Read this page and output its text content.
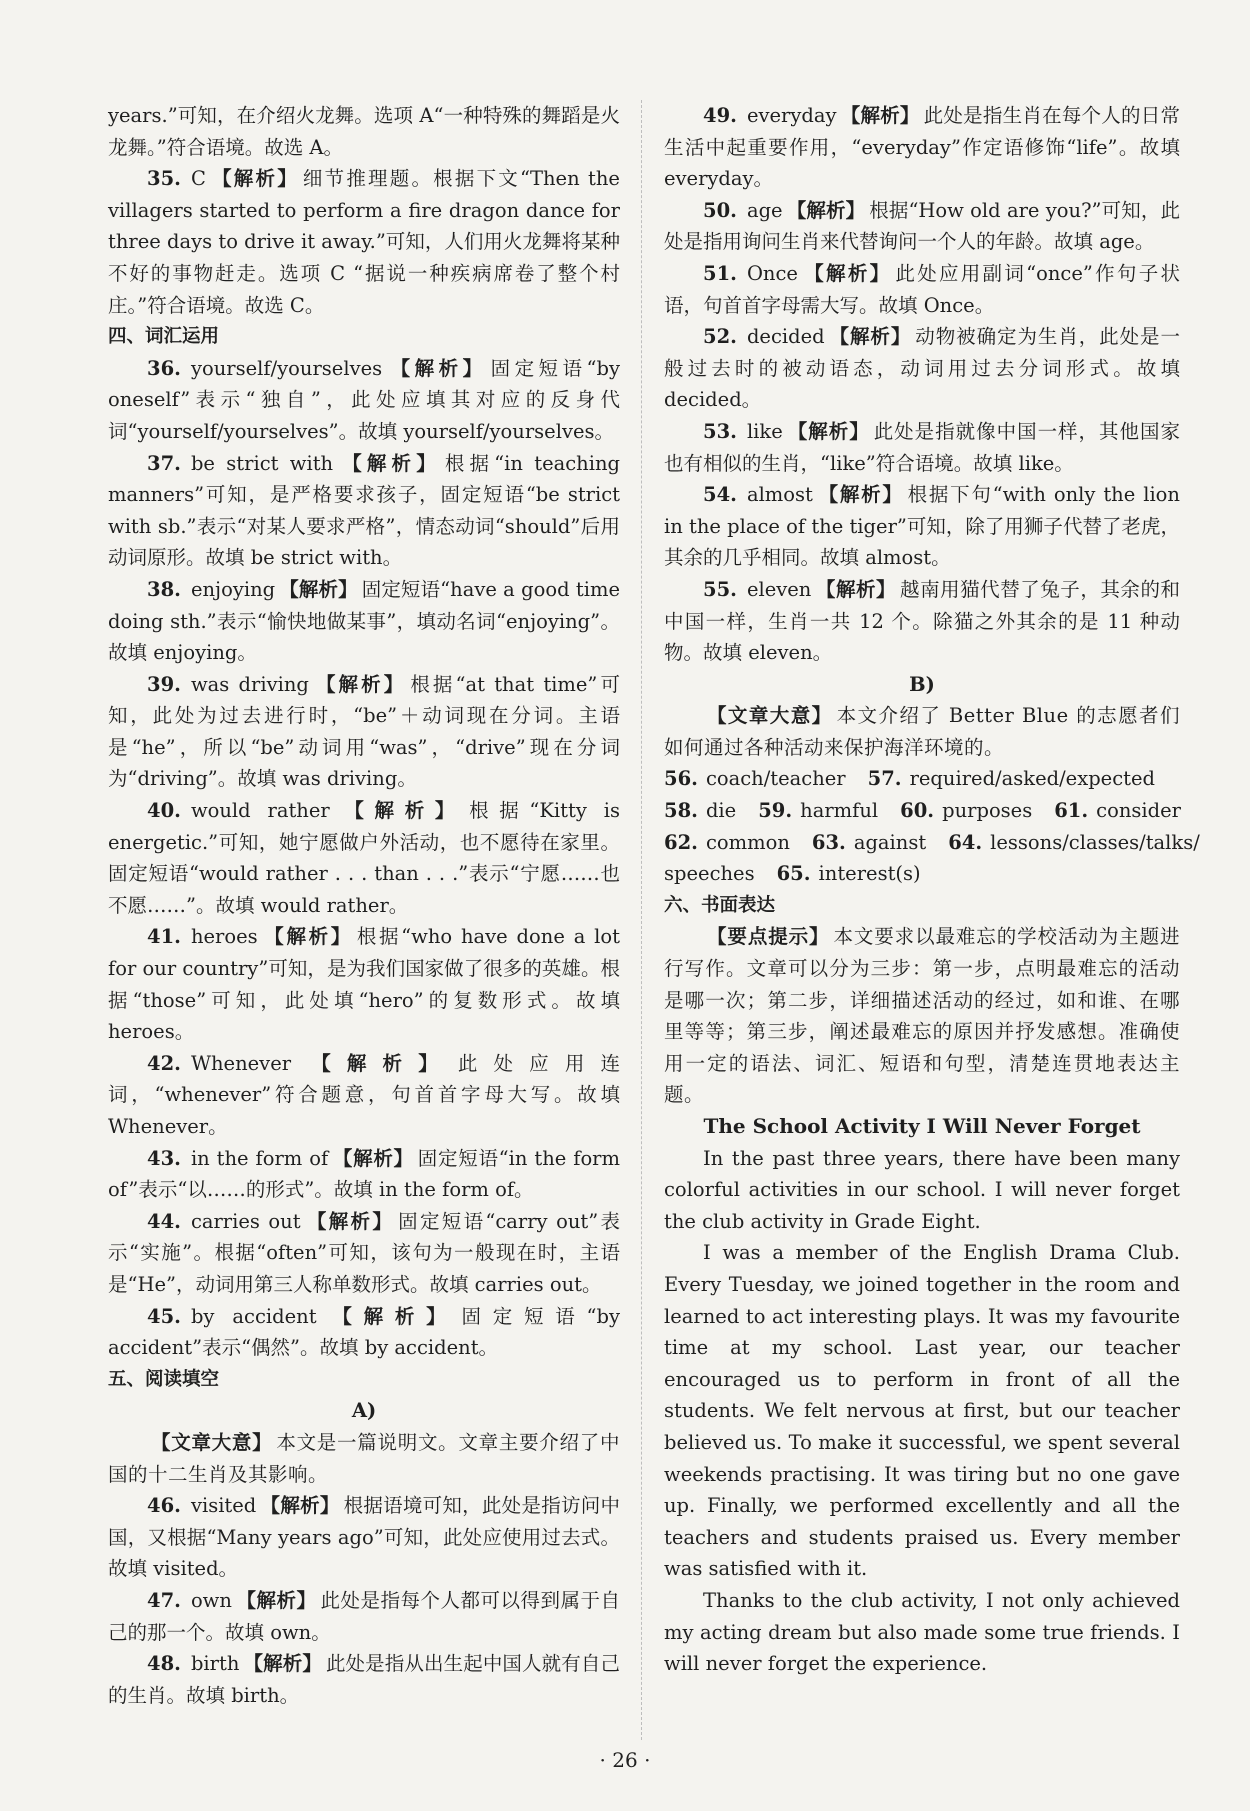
years.”可知，在介绍火龙舞。选项 A“一种特殊的舞蹈是火龙舞。”符合语境。故选 A。

35. C 【解析】 细节推理题。根据下文“Then the villagers started to perform a fire dragon dance for three days to drive it away.”可知，人们用火龙舞将某种不好的事物赶走。选项 C “据说一种疾病席卷了整个村庄。”符合语境。故选 C。

四、词汇运用

36. yourself/yourselves 【解析】 固定短语“by oneself”表示“独自”，此处应填其对应的反身代词“yourself/yourselves”。故填 yourself/yourselves。

37. be strict with 【解析】 根据“in teaching manners”可知，是严格要求孩子，固定短语“be strict with sb.”表示“对某人要求严格”，情态动词“should”后用动词原形。故填 be strict with。

38. enjoying 【解析】 固定短语“have a good time doing sth.”表示“愉快地做某事”，填动名词“enjoying”。故填 enjoying。

39. was driving 【解析】 根据“at that time”可知，此处为过去进行时，“be”＋动词现在分词。主语是“he”，所以“be”动词用“was”，“drive”现在分词为“driving”。故填 was driving。

40. would rather 【解析】 根据“Kitty is energetic.”可知，她宁愿做户外活动，也不愿待在家里。固定短语“would rather . . . than . . .”表示“宁愿……也不愿……”。故填 would rather。

41. heroes 【解析】 根据“who have done a lot for our country”可知，是为我们国家做了很多的英雄。根据“those”可知，此处填“hero”的复数形式。故填 heroes。

42. Whenever 【解析】 此处应用连词，“whenever”符合题意，句首首字母大写。故填 Whenever。

43. in the form of 【解析】 固定短语“in the form of”表示“以……的形式”。故填 in the form of。

44. carries out 【解析】 固定短语“carry out”表示“实施”。根据“often”可知，该句为一般现在时，主语是“He”，动词用第三人称单数形式。故填 carries out。

45. by accident 【解析】 固定短语“by accident”表示“偶然”。故填 by accident。

五、阅读填空

A)

【文章大意】 本文是一篇说明文。文章主要介绍了中国的十二生肖及其影响。

46. visited 【解析】 根据语境可知，此处是指访问中国，又根据“Many years ago”可知，此处应使用过去式。故填 visited。

47. own 【解析】 此处是指每个人都可以得到属于自己的那一个。故填 own。

48. birth 【解析】 此处是指从出生起中国人就有自己的生肖。故填 birth。

49. everyday 【解析】 此处是指生肖在每个人的日常生活中起重要作用，“everyday”作定语修饰“life”。故填 everyday。

50. age 【解析】 根据“How old are you?”可知，此处是指用询问生肖来代替询问一个人的年龄。故填 age。

51. Once 【解析】 此处应用副词“once”作句子状语，句首首字母需大写。故填 Once。

52. decided 【解析】 动物被确定为生肖，此处是一般过去时的被动语态，动词用过去分词形式。故填 decided。

53. like 【解析】 此处是指就像中国一样，其他国家也有相似的生肖，“like”符合语境。故填 like。

54. almost 【解析】 根据下句“with only the lion in the place of the tiger”可知，除了用狮子代替了老虎，其余的几乎相同。故填 almost。

55. eleven 【解析】 越南用猫代替了兔子，其余的和中国一样，生肖一共 12 个。除猫之外其余的是 11 种动物。故填 eleven。

B)

【文章大意】 本文介绍了 Better Blue 的志愿者们如何通过各种活动来保护海洋环境的。

56. coach/teacher 57. required/asked/expected

58. die 59. harmful 60. purposes 61. consider

62. common 63. against 64. lessons/classes/talks/

speeches 65. interest(s)

六、书面表达

【要点提示】 本文要求以最难忘的学校活动为主题进行写作。文章可以分为三步：第一步，点明最难忘的活动是哪一次；第二步，详细描述活动的经过，如和谁、在哪里等等；第三步，阐述最难忘的原因并抒发感想。准确使用一定的语法、词汇、短语和句型，清楚连贯地表达主题。

The School Activity I Will Never Forget

In the past three years, there have been many colorful activities in our school. I will never forget the club activity in Grade Eight.

I was a member of the English Drama Club. Every Tuesday, we joined together in the room and learned to act interesting plays. It was my favourite time at my school. Last year, our teacher encouraged us to perform in front of all the students. We felt nervous at first, but our teacher believed us. To make it successful, we spent several weekends practising. It was tiring but no one gave up. Finally, we performed excellently and all the teachers and students praised us. Every member was satisfied with it.

Thanks to the club activity, I not only achieved my acting dream but also made some true friends. I will never forget the experience.

· 26 ·
